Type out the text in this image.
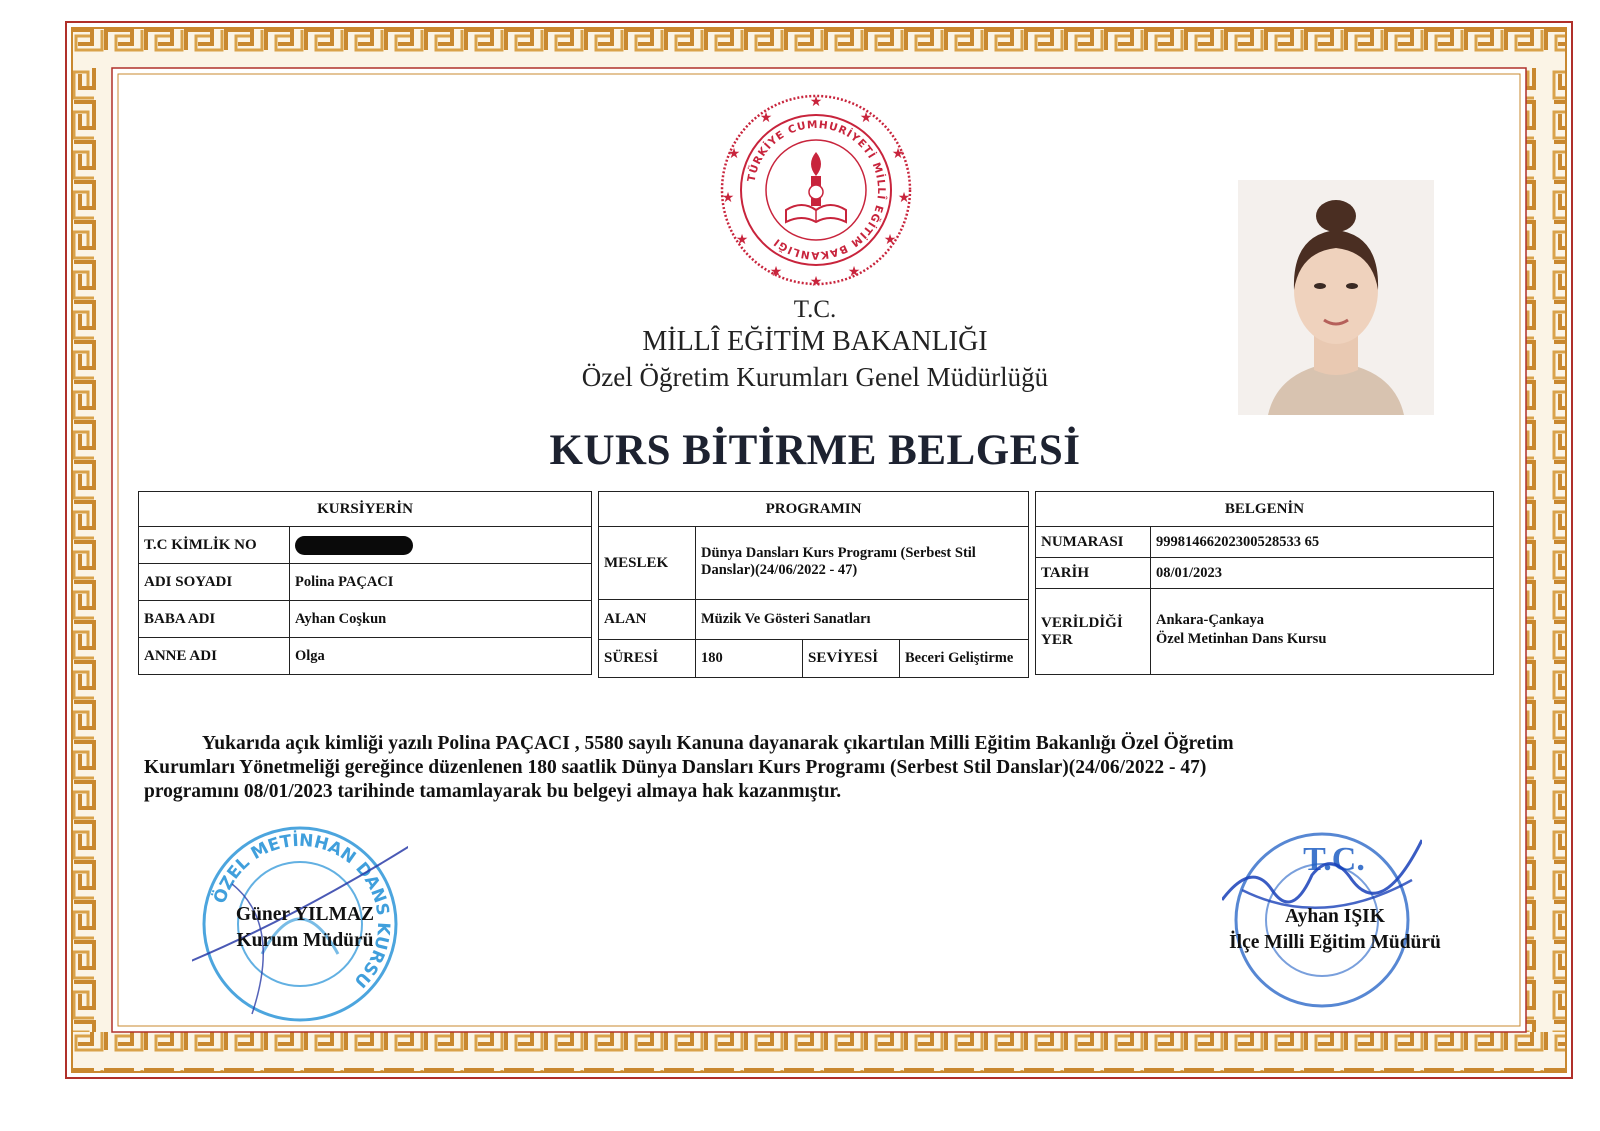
★
★
★
★
★
★
★
★
★
★
★
★
TÜRKİYE CUMHURİYETİ MİLLÎ EĞİTİM BAKANLIĞI
T.C.
MİLLÎ EĞİTİM BAKANLIĞI
Özel Öğretim Kurumları Genel Müdürlüğü
KURS BİTİRME BELGESİ
KURSİYERİN	
T.C KİMLİK NO	
ADI SOYADI	Polina PAÇACI
BABA ADI	Ayhan Coşkun
ANNE ADI	Olga
PROGRAMIN			
MESLEK	Dünya Dansları Kurs Programı (Serbest Stil Danslar)(24/06/2022 - 47)		
ALAN	Müzik Ve Gösteri Sanatları		
SÜRESİ	180	SEVİYESİ	Beceri Geliştirme
BELGENİN	
NUMARASI	99981466202300528533 65
TARİH	08/01/2023
VERİLDİĞİ YER	Ankara-Çankaya
Özel Metinhan Dans Kursu
Yukarıda açık kimliği yazılı Polina PAÇACI , 5580 sayılı Kanuna dayanarak çıkartılan Milli Eğitim Bakanlığı Özel Öğretim
Kurumları Yönetmeliği gereğince düzenlenen 180 saatlik Dünya Dansları Kurs Programı (Serbest Stil Danslar)(24/06/2022 - 47)
programını 08/01/2023 tarihinde tamamlayarak bu belgeyi almaya hak kazanmıştır.
ÖZEL METİNHAN DANS KURSU
T.C.
Güner YILMAZ
Kurum Müdürü
Ayhan IŞIK
İlçe Milli Eğitim Müdürü
